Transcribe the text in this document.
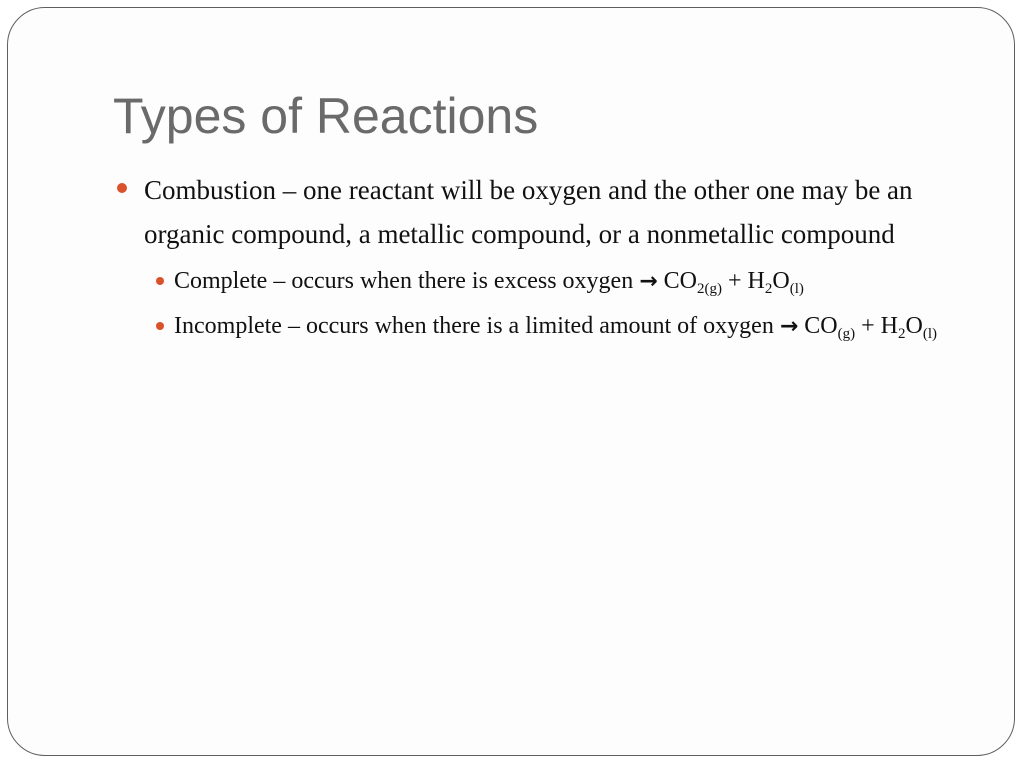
Types of Reactions
Combustion – one reactant will be oxygen and the other one may be an organic compound, a metallic compound, or a nonmetallic compound
Complete – occurs when there is excess oxygen → $CO_{2(g)} + H_2O_{(l)}$
Incomplete – occurs when there is a limited amount of oxygen → $CO_{(g)} + H_2O_{(l)}$
